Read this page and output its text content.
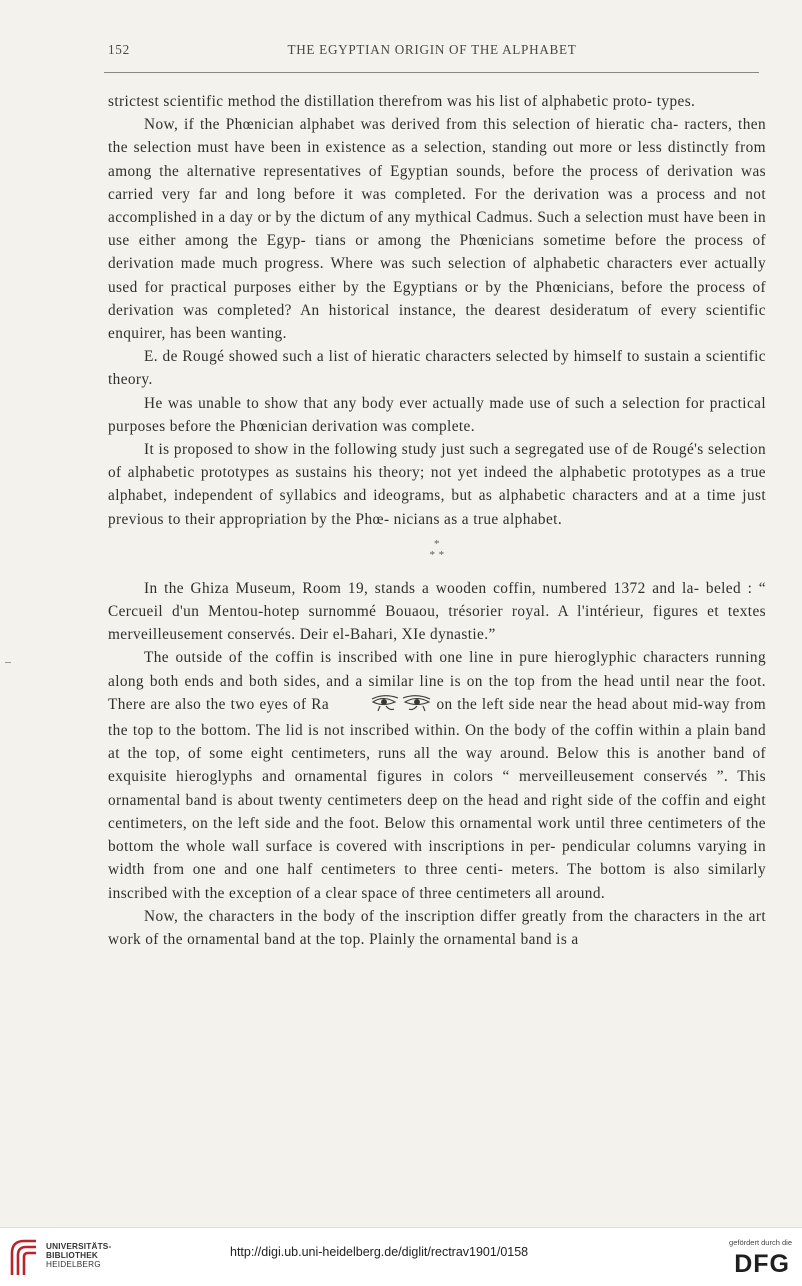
152	THE EGYPTIAN ORIGIN OF THE ALPHABET

strictest scientific method the distillation therefrom was his list of alphabetic proto- types.

Now, if the Phœnician alphabet was derived from this selection of hieratic cha- racters, then the selection must have been in existence as a selection, standing out more or less distinctly from among the alternative representatives of Egyptian sounds, before the process of derivation was carried very far and long before it was completed. For the derivation was a process and not accomplished in a day or by the dictum of any mythical Cadmus. Such a selection must have been in use either among the Egyp- tians or among the Phœnicians sometime before the process of derivation made much progress. Where was such selection of alphabetic characters ever actually used for practical purposes either by the Egyptians or by the Phœnicians, before the process of derivation was completed? An historical instance, the dearest desideratum of every scientific enquirer, has been wanting.

E. de Rougé showed such a list of hieratic characters selected by himself to sustain a scientific theory.

He was unable to show that any body ever actually made use of such a selection for practical purposes before the Phœnician derivation was complete.

It is proposed to show in the following study just such a segregated use of de Rougé's selection of alphabetic prototypes as sustains his theory; not yet indeed the alphabetic prototypes as a true alphabet, independent of syllabics and ideograms, but as alphabetic characters and at a time just previous to their appropriation by the Phœ- nicians as a true alphabet.

*
* *

In the Ghiza Museum, Room 19, stands a wooden coffin, numbered 1372 and la- beled : “ Cercueil d'un Mentou-hotep surnommé Bouaou, trésorier royal. A l'intérieur, figures et textes merveilleusement conservés. Deir el-Bahari, XIe dynastie.”

The outside of the coffin is inscribed with one line in pure hieroglyphic characters running along both ends and both sides, and a similar line is on the top from the head until near the foot. There are also the two eyes of Ra	on the left side near the head about mid-way from the top to the bottom. The lid is not inscribed within. On the body of the coffin within a plain band at the top, of some eight centimeters, runs all the way around. Below this is another band of exquisite hieroglyphs and ornamental figures in colors “ merveilleusement conservés ”. This ornamental band is about twenty centimeters deep on the head and right side of the coffin and eight centimeters, on the left side and the foot. Below this ornamental work until three centimeters of the bottom the whole wall surface is covered with inscriptions in per- pendicular columns varying in width from one and one half centimeters to three centi- meters. The bottom is also similarly inscribed with the exception of a clear space of three centimeters all around.

Now, the characters in the body of the inscription differ greatly from the characters in the art work of the ornamental band at the top. Plainly the ornamental band is a

UNIVERSITÄTS-
BIBLIOTHEK
HEIDELBERG
http://digi.ub.uni-heidelberg.de/diglit/rectrav1901/0158
gefördert durch die
DFG
